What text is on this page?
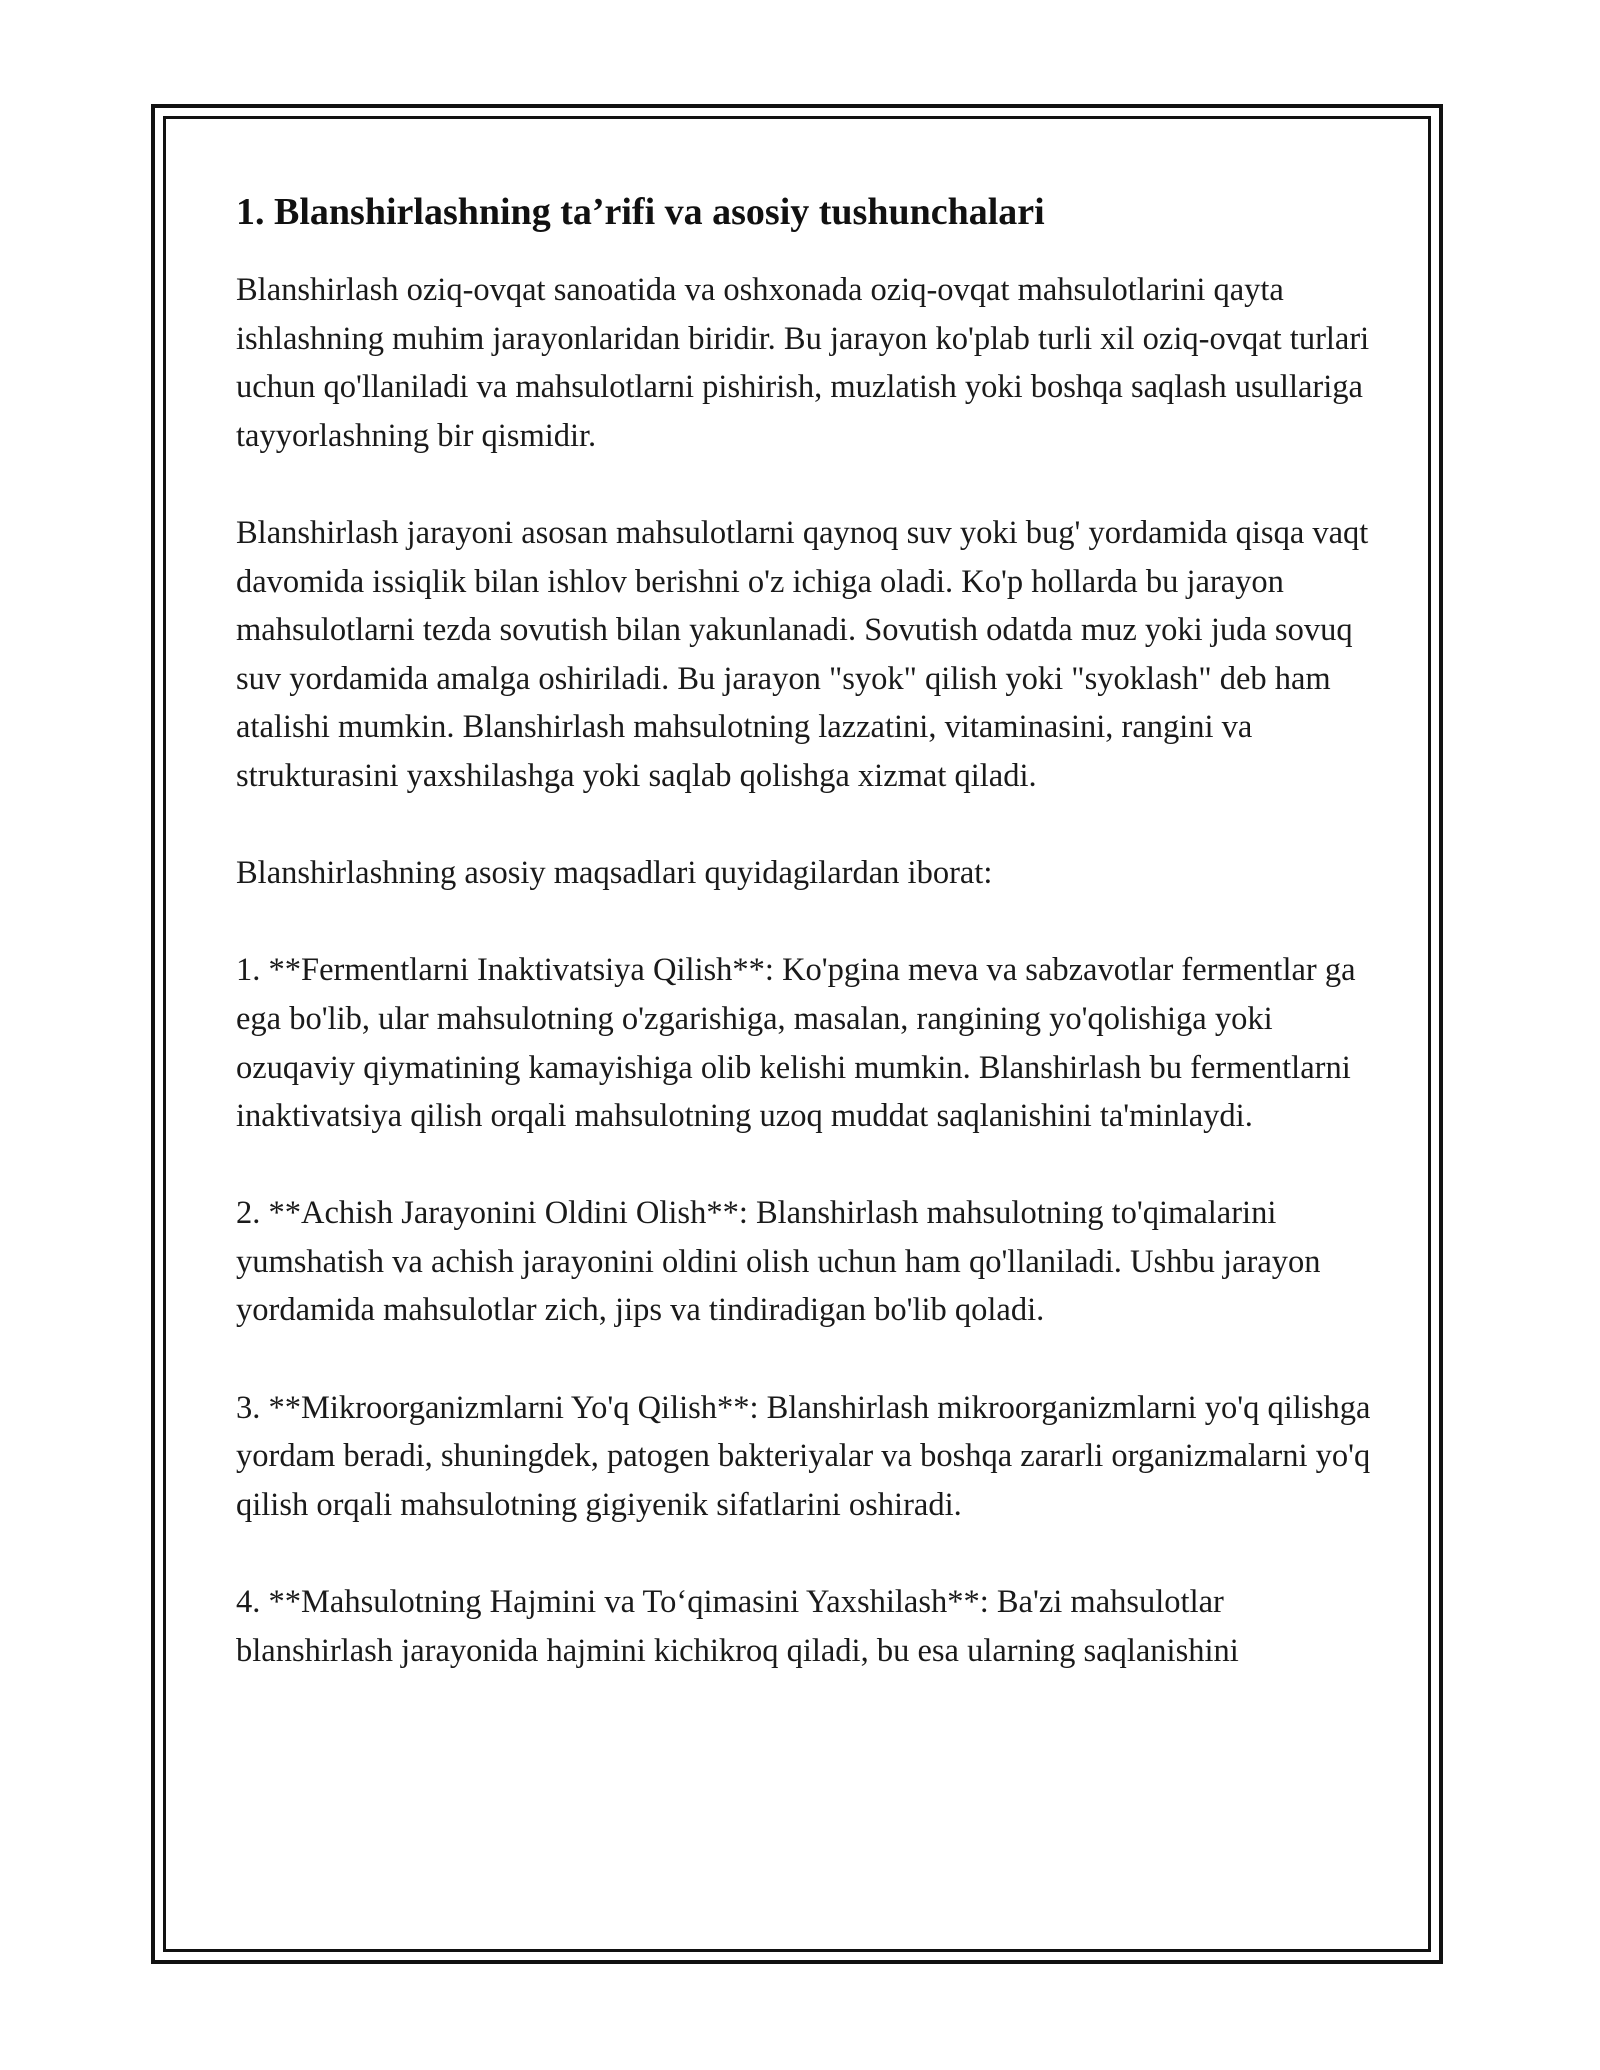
1. Blanshirlashning ta’rifi va asosiy tushunchalari

Blanshirlash oziq-ovqat sanoatida va oshxonada oziq-ovqat mahsulotlarini qayta ishlashning muhim jarayonlaridan biridir. Bu jarayon ko'plab turli xil oziq-ovqat turlari uchun qo'llaniladi va mahsulotlarni pishirish, muzlatish yoki boshqa saqlash usullariga tayyorlashning bir qismidir.

Blanshirlash jarayoni asosan mahsulotlarni qaynoq suv yoki bug' yordamida qisqa vaqt davomida issiqlik bilan ishlov berishni o'z ichiga oladi. Ko'p hollarda bu jarayon mahsulotlarni tezda sovutish bilan yakunlanadi. Sovutish odatda muz yoki juda sovuq suv yordamida amalga oshiriladi. Bu jarayon "syok" qilish yoki "syoklash" deb ham atalishi mumkin. Blanshirlash mahsulotning lazzatini, vitaminasini, rangini va strukturasini yaxshilashga yoki saqlab qolishga xizmat qiladi.

Blanshirlashning asosiy maqsadlari quyidagilardan iborat:

1. **Fermentlarni Inaktivatsiya Qilish**: Ko'pgina meva va sabzavotlar fermentlar ga ega bo'lib, ular mahsulotning o'zgarishiga, masalan, rangining yo'qolishiga yoki ozuqaviy qiymatining kamayishiga olib kelishi mumkin. Blanshirlash bu fermentlarni inaktivatsiya qilish orqali mahsulotning uzoq muddat saqlanishini ta'minlaydi.

2. **Achish Jarayonini Oldini Olish**: Blanshirlash mahsulotning to'qimalarini yumshatish va achish jarayonini oldini olish uchun ham qo'llaniladi. Ushbu jarayon yordamida mahsulotlar zich, jips va tindiradigan bo'lib qoladi.

3. **Mikroorganizmlarni Yo'q Qilish**: Blanshirlash mikroorganizmlarni yo'q qilishga yordam beradi, shuningdek, patogen bakteriyalar va boshqa zararli organizmalarni yo'q qilish orqali mahsulotning gigiyenik sifatlarini oshiradi.

4. **Mahsulotning Hajmini va To‘qimasini Yaxshilash**: Ba'zi mahsulotlar blanshirlash jarayonida hajmini kichikroq qiladi, bu esa ularning saqlanishini
